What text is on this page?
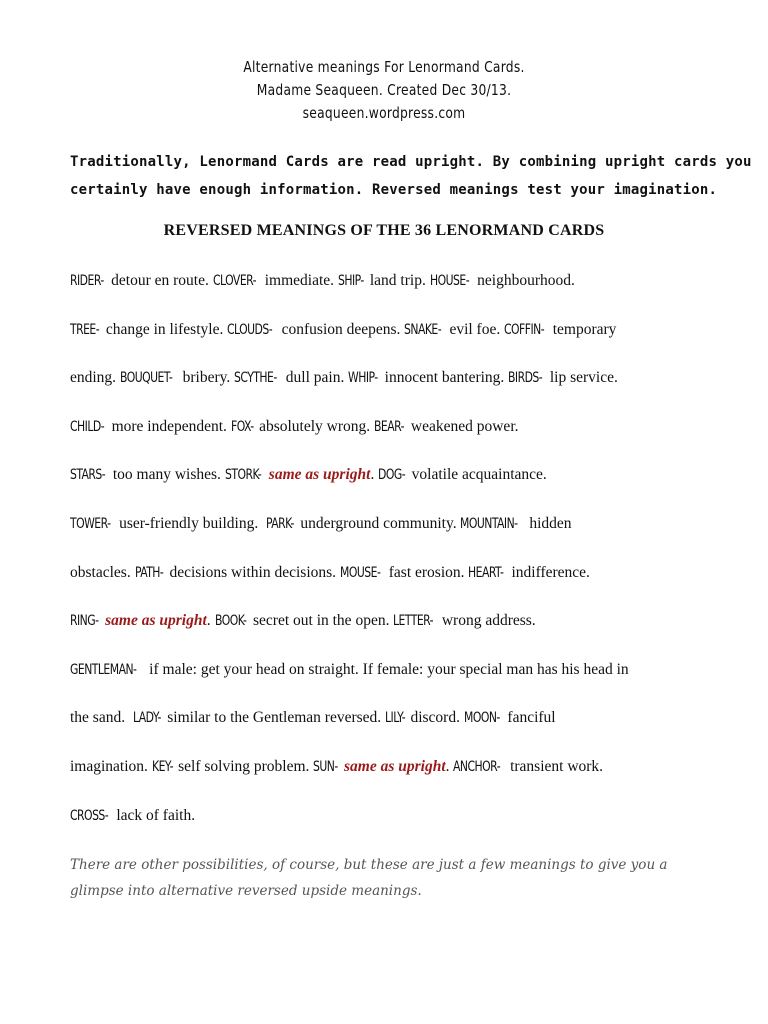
Alternative meanings For Lenormand Cards.
Madame Seaqueen. Created Dec 30/13.
seaqueen.wordpress.com
Traditionally, Lenormand Cards are read upright. By combining upright cards you
certainly have enough information. Reversed meanings test your imagination.
REVERSED MEANINGS OF THE 36 LENORMAND CARDS
RIDER- detour en route. CLOVER- immediate. SHIP- land trip. HOUSE- neighbourhood.
TREE- change in lifestyle. CLOUDS- confusion deepens. SNAKE- evil foe. COFFIN- temporary
ending. BOUQUET- bribery. SCYTHE- dull pain. WHIP- innocent bantering. BIRDS- lip service.
CHILD- more independent. FOX- absolutely wrong. BEAR- weakened power.
STARS- too many wishes. STORK- same as upright. DOG- volatile acquaintance.
TOWER- user-friendly building.  PARK- underground community. MOUNTAIN- hidden
obstacles. PATH- decisions within decisions. MOUSE- fast erosion. HEART- indifference.
RING- same as upright. BOOK- secret out in the open. LETTER- wrong address.
GENTLEMAN- if male: get your head on straight. If female: your special man has his head in
the sand.  LADY- similar to the Gentleman reversed. LILY- discord. MOON- fanciful
imagination. KEY- self solving problem. SUN- same as upright. ANCHOR- transient work.
CROSS- lack of faith.
There are other possibilities, of course, but these are just a few meanings to give you a
glimpse into alternative reversed upside meanings.
